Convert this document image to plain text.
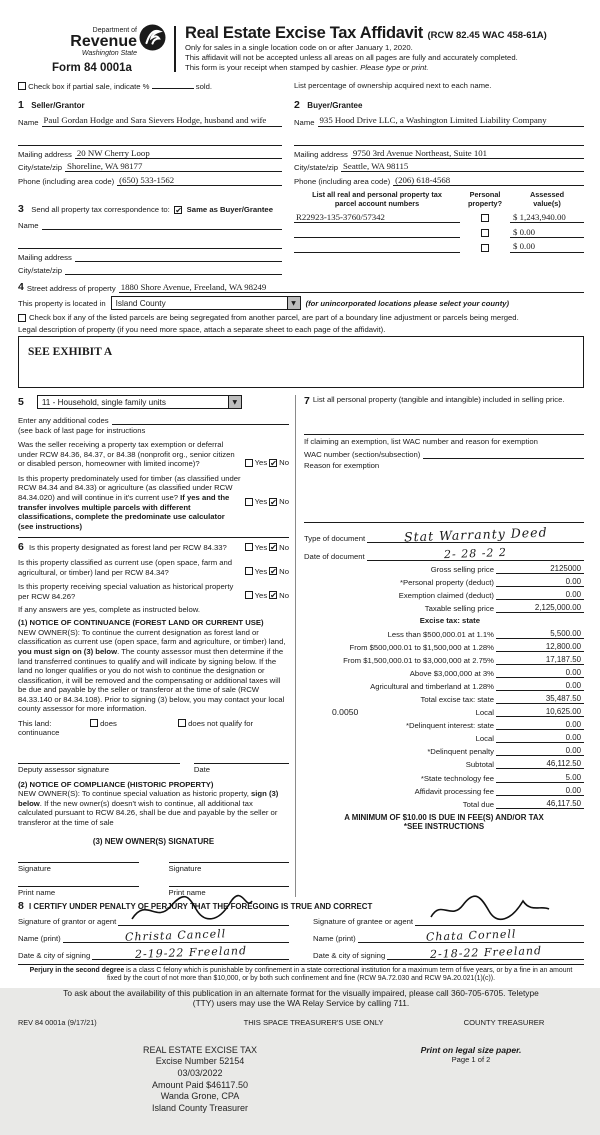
Department of
Revenue
Washington State
Form 84 0001a
Real Estate Excise Tax Affidavit (RCW 82.45 WAC 458-61A)
Only for sales in a single location code on or after January 1, 2020.
This affidavit will not be accepted unless all areas on all pages are fully and accurately completed.
This form is your receipt when stamped by cashier. Please type or print.
Check box if partial sale, indicate %	sold.	List percentage of ownership acquired next to each name.
1 Seller/Grantor
Name Paul Gordan Hodge and Sara Sievers Hodge, husband and wife
Mailing address 20 NW Cherry Loop
City/state/zip Shoreline, WA 98177
Phone (including area code) (650) 533-1562
3 Send all property tax correspondence to: ✔ Same as Buyer/Grantee
Name
Mailing address
City/state/zip
2 Buyer/Grantee
Name 935 Hood Drive LLC, a Washington Limited Liability Company
Mailing address 9750 3rd Avenue Northeast, Suite 101
City/state/zip Seattle, WA 98115
Phone (including area code) (206) 618-4568
List all real and personal property tax
parcel account numbers
Personal
property?
Assessed
value(s)
R22923-135-3760/57342	$ 1,243,940.00
$ 0.00
$ 0.00
4 Street address of property 1880 Shore Avenue, Freeland, WA 98249
This property is located in Island County	▼	(for unincorporated locations please select your county)
Check box if any of the listed parcels are being segregated from another parcel, are part of a boundary line adjustment or parcels being merged.
Legal description of property (if you need more space, attach a separate sheet to each page of the affidavit).
SEE EXHIBIT A
5 11 - Household, single family units	▼
Enter any additional codes
(see back of last page for instructions
Was the seller receiving a property tax exemption or deferral under RCW 84.36, 84.37, or 84.38 (nonprofit org., senior citizen or disabled person, homeowner with limited income)?	Yes ✔ No
Is this property predominately used for timber (as classified under RCW 84.34 and 84.33) or agriculture (as classified under RCW 84.34.020) and will continue in it's current use? If yes and the transfer involves multiple parcels with different classifications, complete the predominate use calculator (see instructions)
Yes ✔ No
6 Is this property designated as forest land per RCW 84.33?	Yes ✔ No
Is this property classified as current use (open space, farm and agricultural, or timber) land per RCW 84.34?	Yes ✔ No
Is this property receiving special valuation as historical property per RCW 84.26?	Yes ✔ No
If any answers are yes, complete as instructed below.
(1) NOTICE OF CONTINUANCE (FOREST LAND OR CURRENT USE)
NEW OWNER(S): To continue the current designation as forest land or classification as current use (open space, farm and agriculture, or timber) land, you must sign on (3) below. The county assessor must then determine if the land transferred continues to qualify and will indicate by signing below. If the land no longer qualifies or you do not wish to continue the designation or classification, it will be removed and the compensating or additional taxes will be due and payable by the seller or transferor at the time of sale (RCW 84.33.140 or 84.34.108). Prior to signing (3) below, you may contact your local county assessor for more information.
This land:	does	does not qualify for
continuance
Deputy assessor signature	Date
(2) NOTICE OF COMPLIANCE (HISTORIC PROPERTY)
NEW OWNER(S): To continue special valuation as historic property, sign (3) below. If the new owner(s) doesn't wish to continue, all additional tax calculated pursuant to RCW 84.26, shall be due and payable by the seller or transferor at the time of sale
(3) NEW OWNER(S) SIGNATURE
Signature	Signature
Print name	Print name
7 List all personal property (tangible and intangible) included in selling price.
If claiming an exemption, list WAC number and reason for exemption
WAC number (section/subsection)
Reason for exemption
Type of document	Stat Warranty Deed
Date of document	2- 28 -2 2
Gross selling price	2125000
*Personal property (deduct)	0.00
Exemption claimed (deduct)	0.00
Taxable selling price	2,125,000.00
Excise tax: state
Less than $500,000.01 at 1.1%	5,500.00
From $500,000.01 to $1,500,000 at 1.28%	12,800.00
From $1,500,000.01 to $3,000,000 at 2.75%	17,187.50
Above $3,000,000 at 3%	0.00
Agricultural and timberland at 1.28%	0.00
Total excise tax: state	35,487.50
0.0050	Local	10,625.00
*Delinquent interest: state	0.00
Local	0.00
*Delinquent penalty	0.00
Subtotal	46,112.50
*State technology fee	5.00
Affidavit processing fee	0.00
Total due	46,117.50
A MINIMUM OF $10.00 IS DUE IN FEE(S) AND/OR TAX
*SEE INSTRUCTIONS
8 I CERTIFY UNDER PENALTY OF PERJURY THAT THE FOREGOING IS TRUE AND CORRECT
Signature of grantor or agent
Name (print)	Christa Cancell
Date & city of signing	2-19-22 Freeland
Signature of grantee or agent
Name (print)	Chata Cornell
Date & city of signing	2-18-22 Freeland
Perjury in the second degree is a class C felony which is punishable by confinement in a state correctional institution for a maximum term of five years, or by a fine in an amount fixed by the court of not more than $10,000, or by both such confinement and fine (RCW 9A.72.030 and RCW 9A.20.021(1)(c)).
To ask about the availability of this publication in an alternate format for the visually impaired, please call 360-705-6705. Teletype
(TTY) users may use the WA Relay Service by calling 711.
REV 84 0001a (9/17/21)	THIS SPACE TREASURER'S USE ONLY	COUNTY TREASURER
REAL ESTATE EXCISE TAX
Excise Number 52154
03/03/2022
Amount Paid $46117.50
Wanda Grone, CPA
Island County Treasurer
Print on legal size paper.
Page 1 of 2
